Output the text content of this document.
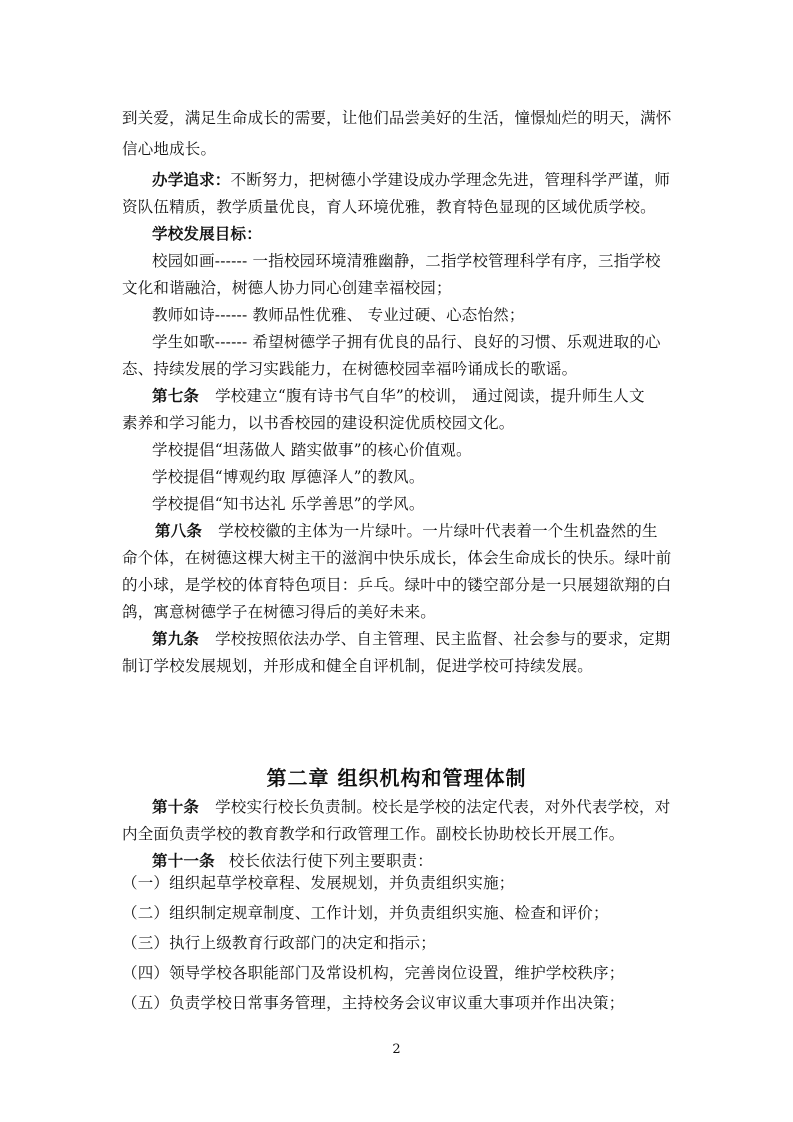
到关爱，满足生命成长的需要，让他们品尝美好的生活，憧憬灿烂的明天，满怀
信心地成长。
办学追求：不断努力，把树德小学建设成办学理念先进，管理科学严谨，师
资队伍精质，教学质量优良，育人环境优雅，教育特色显现的区域优质学校。
学校发展目标：
校园如画------ 一指校园环境清雅幽静，二指学校管理科学有序，三指学校
文化和谐融洽，树德人协力同心创建幸福校园；
教师如诗------ 教师品性优雅、 专业过硬、心态怡然；
学生如歌------ 希望树德学子拥有优良的品行、良好的习惯、乐观进取的心
态、持续发展的学习实践能力，在树德校园幸福吟诵成长的歌谣。
第七条 学校建立“腹有诗书气自华”的校训， 通过阅读，提升师生人文
素养和学习能力，以书香校园的建设积淀优质校园文化。
学校提倡“坦荡做人 踏实做事”的核心价值观。
学校提倡“博观约取 厚德泽人”的教风。
学校提倡“知书达礼 乐学善思”的学风。
第八条 学校校徽的主体为一片绿叶。一片绿叶代表着一个生机盎然的生
命个体，在树德这棵大树主干的滋润中快乐成长，体会生命成长的快乐。绿叶前
的小球，是学校的体育特色项目：乒乓。绿叶中的镂空部分是一只展翅欲翔的白
鸽，寓意树德学子在树德习得后的美好未来。
第九条 学校按照依法办学、自主管理、民主监督、社会参与的要求，定期
制订学校发展规划，并形成和健全自评机制，促进学校可持续发展。
第二章 组织机构和管理体制
第十条 学校实行校长负责制。校长是学校的法定代表，对外代表学校，对
内全面负责学校的教育教学和行政管理工作。副校长协助校长开展工作。
第十一条 校长依法行使下列主要职责：
（一）组织起草学校章程、发展规划，并负责组织实施；
（二）组织制定规章制度、工作计划，并负责组织实施、检查和评价；
（三）执行上级教育行政部门的决定和指示；
（四）领导学校各职能部门及常设机构，完善岗位设置，维护学校秩序；
（五）负责学校日常事务管理，主持校务会议审议重大事项并作出决策；
2
